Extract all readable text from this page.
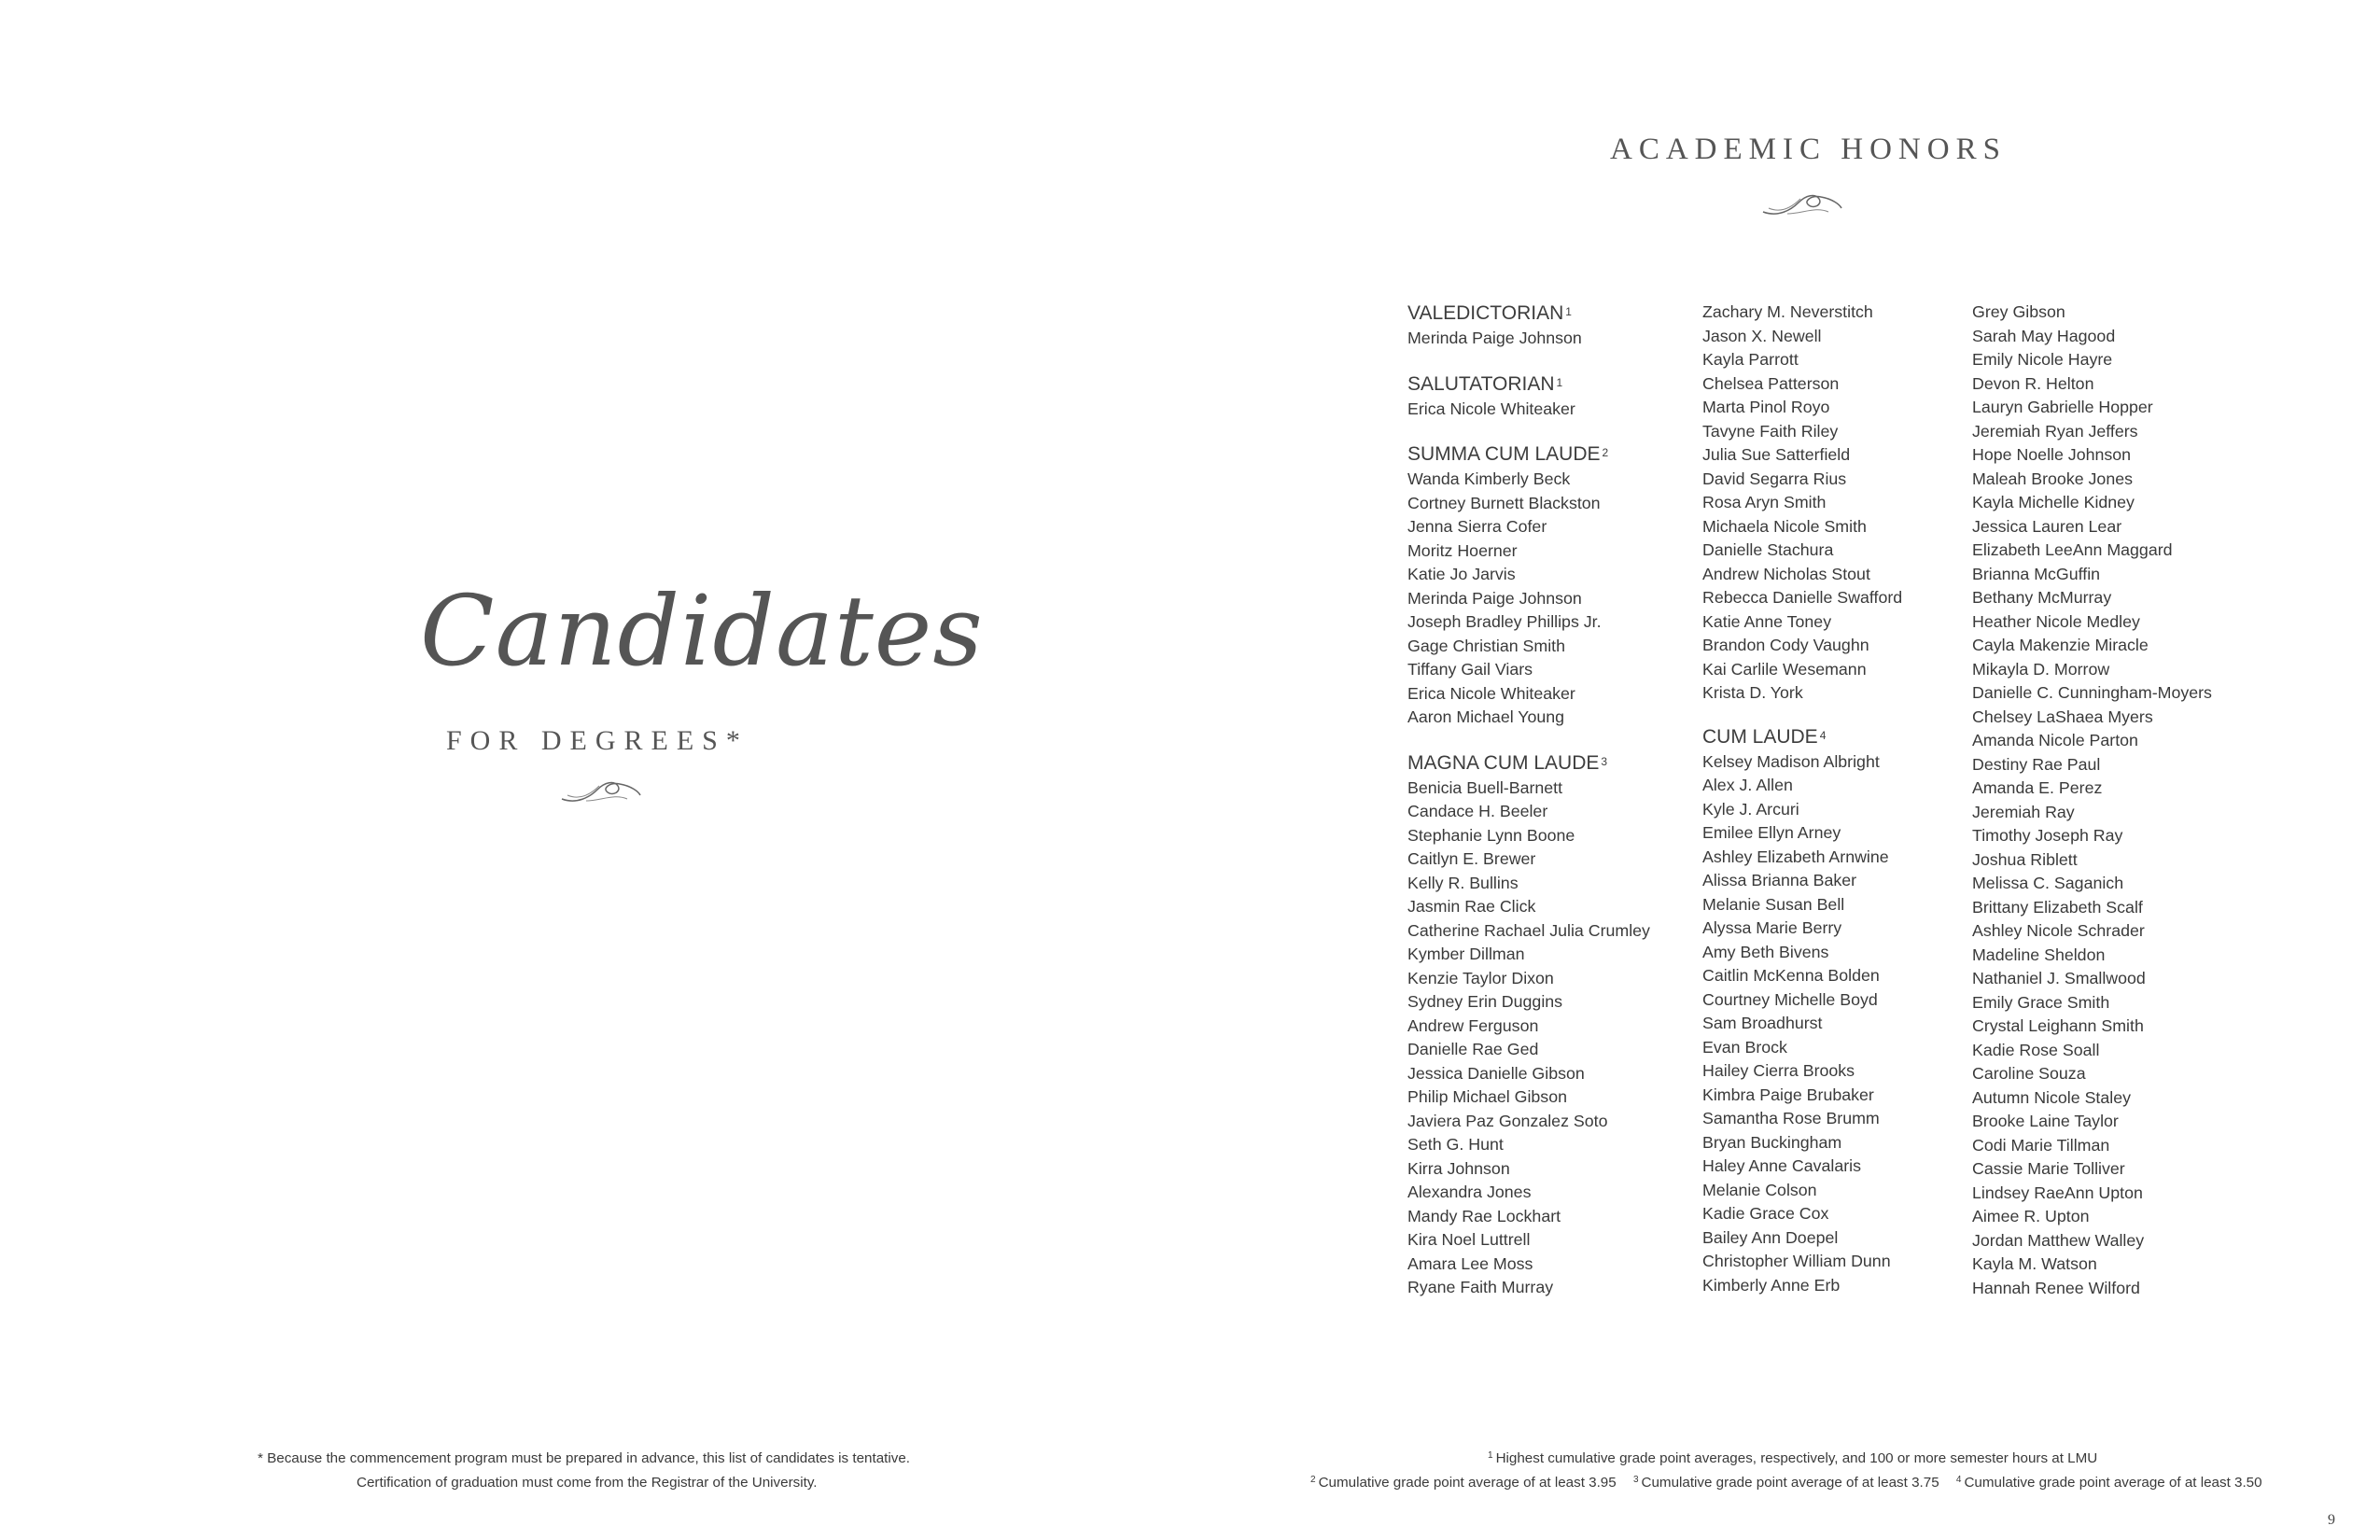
Candidates
FOR DEGREES*
* Because the commencement program must be prepared in advance, this list of candidates is tentative.
Certification of graduation must come from the Registrar of the University.
ACADEMIC HONORS
VALEDICTORIAN $^1$
Merinda Paige Johnson
SALUTATORIAN $^1$
Erica Nicole Whiteaker
SUMMA CUM LAUDE $^2$
Wanda Kimberly Beck
Cortney Burnett Blackston
Jenna Sierra Cofer
Moritz Hoerner
Katie Jo Jarvis
Merinda Paige Johnson
Joseph Bradley Phillips Jr.
Gage Christian Smith
Tiffany Gail Viars
Erica Nicole Whiteaker
Aaron Michael Young
MAGNA CUM LAUDE $^3$
Benicia Buell-Barnett
Candace H. Beeler
Stephanie Lynn Boone
Caitlyn E. Brewer
Kelly R. Bullins
Jasmin Rae Click
Catherine Rachael Julia Crumley
Kymber Dillman
Kenzie Taylor Dixon
Sydney Erin Duggins
Andrew Ferguson
Danielle Rae Ged
Jessica Danielle Gibson
Philip Michael Gibson
Javiera Paz Gonzalez Soto
Seth G. Hunt
Kirra Johnson
Alexandra Jones
Mandy Rae Lockhart
Kira Noel Luttrell
Amara Lee Moss
Ryane Faith Murray
Zachary M. Neverstitch
Jason X. Newell
Kayla Parrott
Chelsea Patterson
Marta Pinol Royo
Tavyne Faith Riley
Julia Sue Satterfield
David Segarra Rius
Rosa Aryn Smith
Michaela Nicole Smith
Danielle Stachura
Andrew Nicholas Stout
Rebecca Danielle Swafford
Katie Anne Toney
Brandon Cody Vaughn
Kai Carlile Wesemann
Krista D. York
CUM LAUDE $^4$
Kelsey Madison Albright
Alex J. Allen
Kyle J. Arcuri
Emilee Ellyn Arney
Ashley Elizabeth Arnwine
Alissa Brianna Baker
Melanie Susan Bell
Alyssa Marie Berry
Amy Beth Bivens
Caitlin McKenna Bolden
Courtney Michelle Boyd
Sam Broadhurst
Evan Brock
Hailey Cierra Brooks
Kimbra Paige Brubaker
Samantha Rose Brumm
Bryan Buckingham
Haley Anne Cavalaris
Melanie Colson
Kadie Grace Cox
Bailey Ann Doepel
Christopher William Dunn
Kimberly Anne Erb
Grey Gibson
Sarah May Hagood
Emily Nicole Hayre
Devon R. Helton
Lauryn Gabrielle Hopper
Jeremiah Ryan Jeffers
Hope Noelle Johnson
Maleah Brooke Jones
Kayla Michelle Kidney
Jessica Lauren Lear
Elizabeth LeeAnn Maggard
Brianna McGuffin
Bethany McMurray
Heather Nicole Medley
Cayla Makenzie Miracle
Mikayla D. Morrow
Danielle C. Cunningham-Moyers
Chelsey LaShaea Myers
Amanda Nicole Parton
Destiny Rae Paul
Amanda E. Perez
Jeremiah Ray
Timothy Joseph Ray
Joshua Riblett
Melissa C. Saganich
Brittany Elizabeth Scalf
Ashley Nicole Schrader
Madeline Sheldon
Nathaniel J. Smallwood
Emily Grace Smith
Crystal Leighann Smith
Kadie Rose Soall
Caroline Souza
Autumn Nicole Staley
Brooke Laine Taylor
Codi Marie Tillman
Cassie Marie Tolliver
Lindsey RaeAnn Upton
Aimee R. Upton
Jordan Matthew Walley
Kayla M. Watson
Hannah Renee Wilford
$^1$ Highest cumulative grade point averages, respectively, and 100 or more semester hours at LMU
$^2$ Cumulative grade point average of at least 3.95 $^3$ Cumulative grade point average of at least 3.75 $^4$ Cumulative grade point average of at least 3.50
9
